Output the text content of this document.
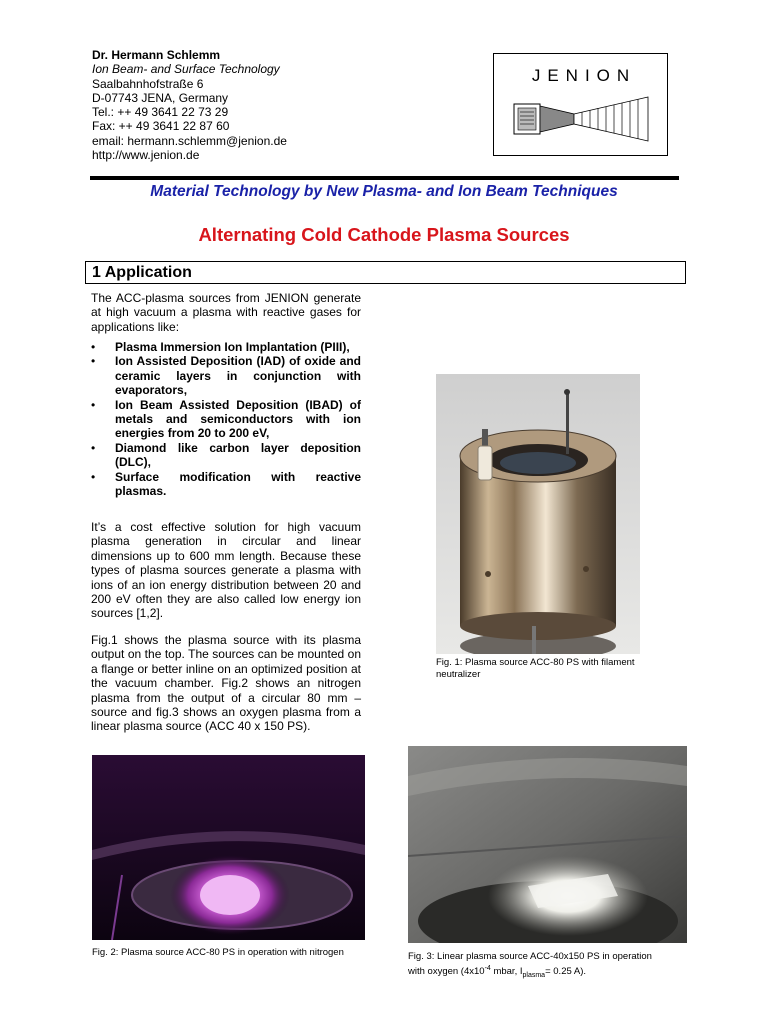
Dr. Hermann Schlemm
Ion Beam- and Surface Technology
Saalbahnhofstraße 6
D-07743 JENA, Germany
Tel.: ++ 49 3641 22 73 29
Fax: ++ 49 3641 22 87 60
email: hermann.schlemm@jenion.de
http://www.jenion.de
JENION
Material Technology by New Plasma- and Ion Beam Techniques
Alternating Cold Cathode Plasma Sources
1 Application
The ACC-plasma sources from JENION generate at high vacuum a plasma with reactive gases for applications like:
• Plasma Immersion Ion Implantation (PIII),
• Ion Assisted Deposition (IAD) of oxide and ceramic layers in conjunction with evaporators,
• Ion Beam Assisted Deposition (IBAD) of metals and semiconductors with ion energies from 20 to 200 eV,
• Diamond like carbon layer deposition (DLC),
• Surface modification with reactive plasmas.
It’s a cost effective solution for high vacuum plasma generation in circular and linear dimensions up to 600 mm length. Because these types of plasma sources generate a plasma with ions of an ion energy distribution between 20 and 200 eV often they are also called low energy ion sources [1,2].
Fig.1 shows the plasma source with its plasma output on the top. The sources can be mounted on a flange or better inline on an optimized position at the vacuum chamber. Fig.2 shows an nitrogen plasma from the output of a circular 80 mm – source and fig.3 shows an oxygen plasma from a linear plasma source (ACC 40 x 150 PS).
Fig. 1: Plasma source ACC-80 PS with filament neutralizer
Fig. 2: Plasma source ACC-80 PS in operation with nitrogen	Fig. 3: Linear plasma source ACC-40x150 PS in operation
with oxygen ($4x10^{-4}$ mbar, $I_{plasma}= 0.25$ A).
